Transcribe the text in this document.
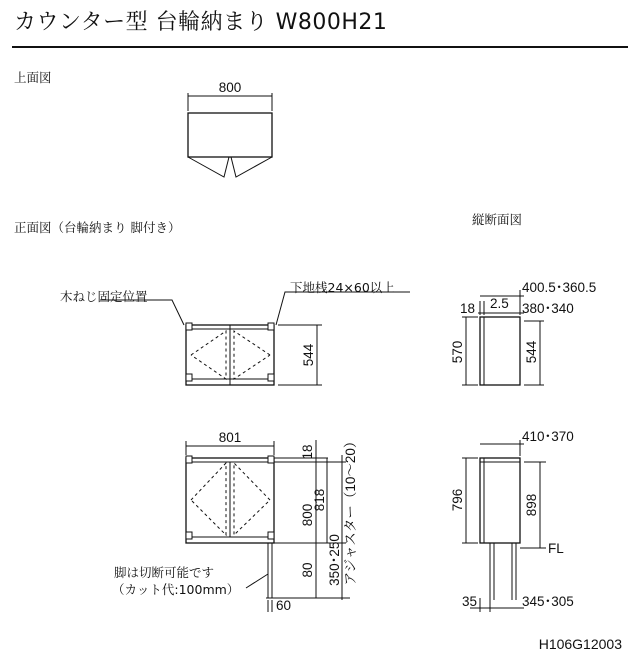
カウンター型 台輪納まり W800H21
上面図
正面図（台輪納まり 脚付き）
縦断面図
木ねじ固定位置
下地桟24×60以上
脚は切断可能です
（カット代:100mm）
H106G12003
800
544
801
18
800
818
350･250
80 アジャスター（10～20）
60
400.5･360.5
2.5
18	380･340
570	544
410･370
796	898
FL
35	345･305
